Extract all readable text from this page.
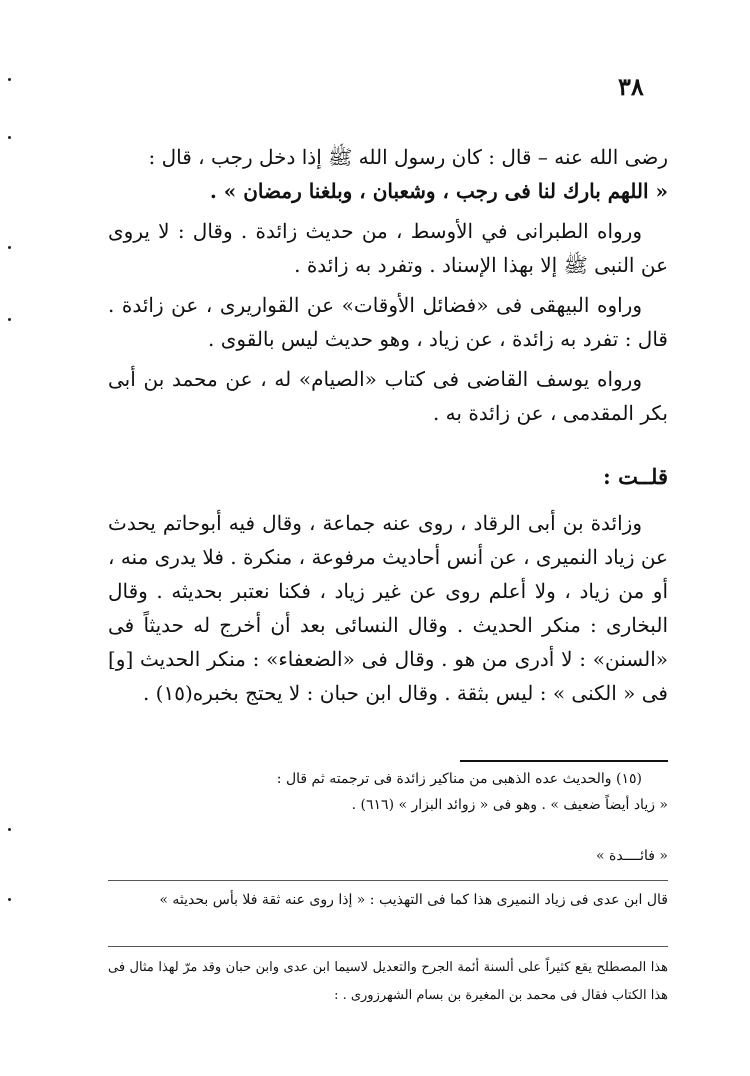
٣٨

رضى الله عنه – قال : كان رسول الله ﷺ إذا دخل رجب ، قال :
« اللهم بارك لنا فى رجب ، وشعبان ، وبلغنا رمضان » .

ورواه الطبرانى في الأوسط ، من حديث زائدة . وقال : لا يروى عن النبى ﷺ إلا بهذا الإسناد . وتفرد به زائدة .

وراوه البيهقى فى «فضائل الأوقات» عن القواريرى ، عن زائدة . قال : تفرد به زائدة ، عن زياد ، وهو حديث ليس بالقوى .

ورواه يوسف القاضى فى كتاب «الصيام» له ، عن محمد بن أبى بكر المقدمى ، عن زائدة به .

قلــت :

وزائدة بن أبى الرقاد ، روى عنه جماعة ، وقال فيه أبوحاتم يحدث عن زياد النميرى ، عن أنس أحاديث مرفوعة ، منكرة . فلا يدرى منه ، أو من زياد ، ولا أعلم روى عن غير زياد ، فكنا نعتبر بحديثه . وقال البخارى : منكر الحديث . وقال النسائى بعد أن أخرج له حديثاً فى «السنن» : لا أدرى من هو . وقال فى «الضعفاء» : منكر الحديث [و] فى « الكنى » : ليس بثقة . وقال ابن حبان : لا يحتج بخبره(١٥) .

(١٥) والحديث عده الذهبى من مناكير زائدة فى ترجمته ثم قال :

« زياد أيضاً ضعيف » . وهو فى « زوائد البزار » (٦١٦) .

« فائــــدة »

قال ابن عدى فى زياد النميرى هذا كما فى التهذيب : « إذا روى عنه ثقة فلا بأس بحديثه »

هذا المصطلح يقع كثيراً على ألسنة أئمة الجرح والتعديل لاسيما ابن عدى وابن حبان وقد مرّ لهذا مثال فى هذا الكتاب فقال فى محمد بن المغيرة بن بسام الشهرزورى . :
